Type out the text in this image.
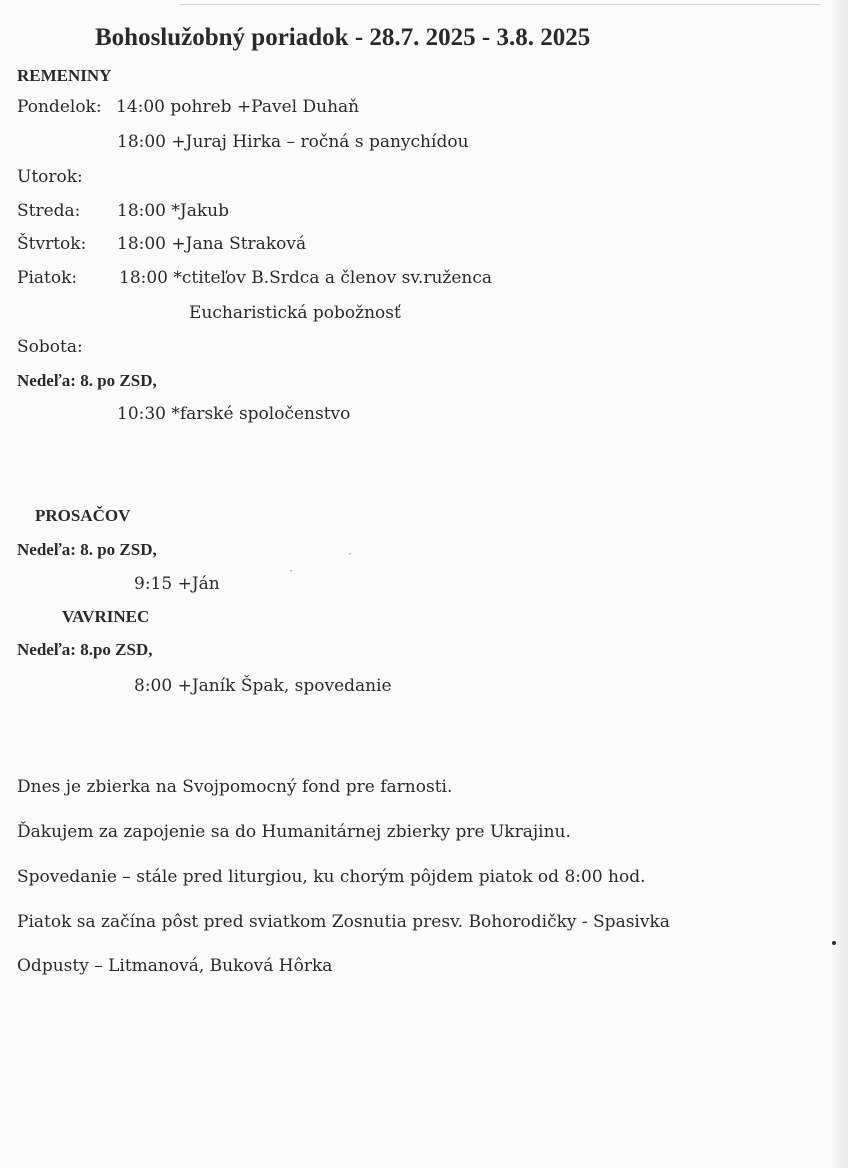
Bohoslužobný poriadok - 28.7. 2025 - 3.8. 2025
REMENINY
Pondelok: 14:00 pohreb +Pavel Duhaň
18:00 +Juraj Hirka – ročná s panychídou
Utorok:
Streda: 18:00 *Jakub
Štvrtok: 18:00 +Jana Straková
Piatok: 18:00 *ctiteľov B.Srdca a členov sv.ruženca
Eucharistická pobožnosť
Sobota:
Nedeľa: 8. po ZSD,
10:30 *farské spoločenstvo
PROSAČOV
Nedeľa: 8. po ZSD,
9:15 +Ján
VAVRINEC
Nedeľa: 8.po ZSD,
8:00 +Janík Špak, spovedanie
Dnes je zbierka na Svojpomocný fond pre farnosti.
Ďakujem za zapojenie sa do Humanitárnej zbierky pre Ukrajinu.
Spovedanie – stále pred liturgiou, ku chorým pôjdem piatok od 8:00 hod.
Piatok sa začína pôst pred sviatkom Zosnutia presv. Bohorodičky - Spasivka
Odpusty – Litmanová, Buková Hôrka
·
·
